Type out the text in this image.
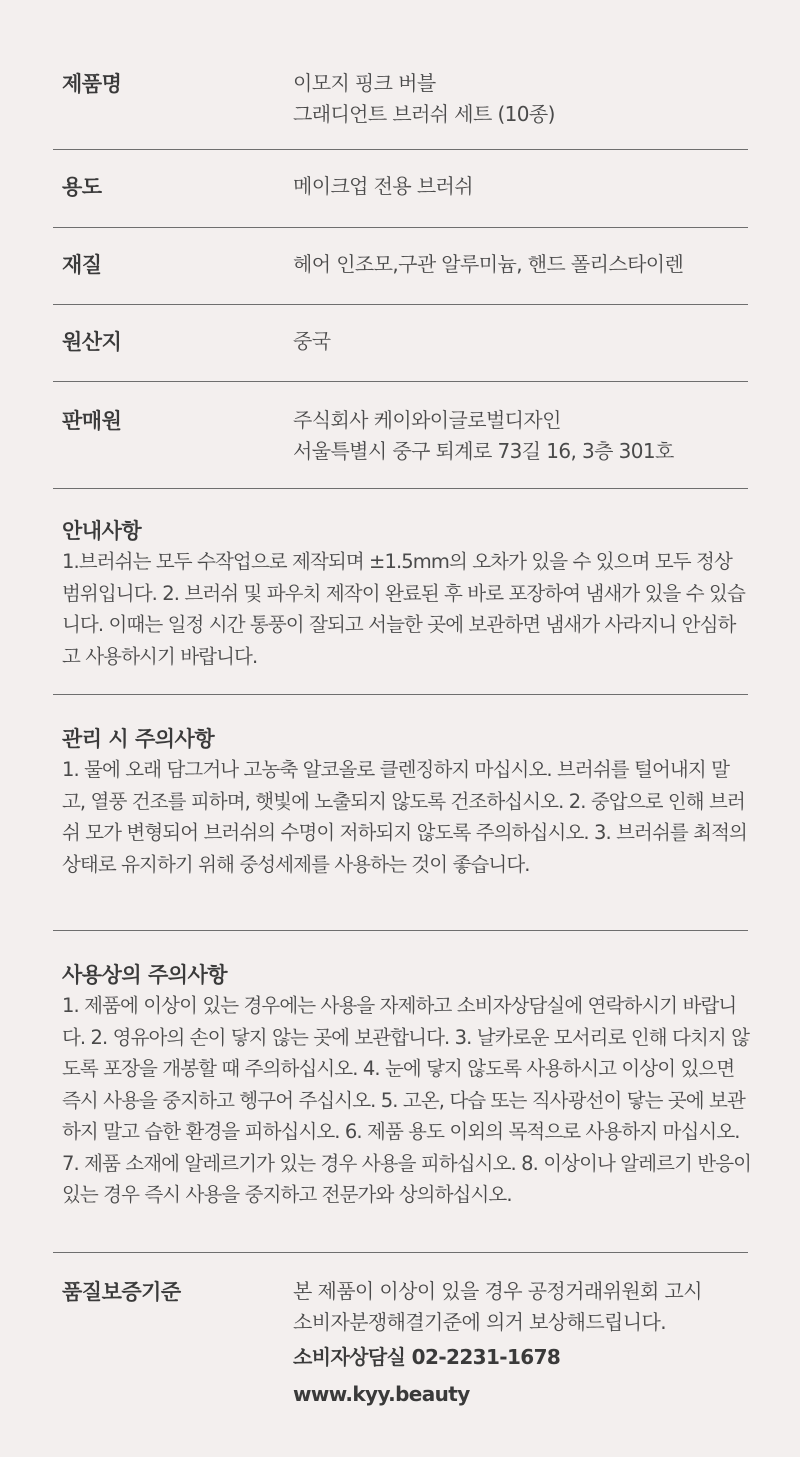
제품명	이모지 핑크 버블
그래디언트 브러쉬 세트 (10종)
용도	메이크업 전용 브러쉬
재질	헤어 인조모,구관 알루미늄, 핸드 폴리스타이렌
원산지	중국
판매원	주식회사 케이와이글로벌디자인
서울특별시 중구 퇴계로 73길 16, 3층 301호
안내사항
1.브러쉬는 모두 수작업으로 제작되며 ±1.5mm의 오차가 있을 수 있으며 모두 정상 범위입니다. 2. 브러쉬 및 파우치 제작이 완료된 후 바로 포장하여 냄새가 있을 수 있습니다. 이때는 일정 시간 통풍이 잘되고 서늘한 곳에 보관하면 냄새가 사라지니 안심하고 사용하시기 바랍니다.
관리 시 주의사항
1. 물에 오래 담그거나 고농축 알코올로 클렌징하지 마십시오. 브러쉬를 털어내지 말고, 열풍 건조를 피하며, 햇빛에 노출되지 않도록 건조하십시오. 2. 중압으로 인해 브러쉬 모가 변형되어 브러쉬의 수명이 저하되지 않도록 주의하십시오. 3. 브러쉬를 최적의 상태로 유지하기 위해 중성세제를 사용하는 것이 좋습니다.
사용상의 주의사항
1. 제품에 이상이 있는 경우에는 사용을 자제하고 소비자상담실에 연락하시기 바랍니다. 2. 영유아의 손이 닿지 않는 곳에 보관합니다. 3. 날카로운 모서리로 인해 다치지 않도록 포장을 개봉할 때 주의하십시오. 4. 눈에 닿지 않도록 사용하시고 이상이 있으면 즉시 사용을 중지하고 헹구어 주십시오. 5. 고온, 다습 또는 직사광선이 닿는 곳에 보관하지 말고 습한 환경을 피하십시오. 6. 제품 용도 이외의 목적으로 사용하지 마십시오. 7. 제품 소재에 알레르기가 있는 경우 사용을 피하십시오. 8. 이상이나 알레르기 반응이 있는 경우 즉시 사용을 중지하고 전문가와 상의하십시오.
품질보증기준	본 제품이 이상이 있을 경우 공정거래위원회 고시
소비자분쟁해결기준에 의거 보상해드립니다.
소비자상담실 02-2231-1678
www.kyy.beauty
